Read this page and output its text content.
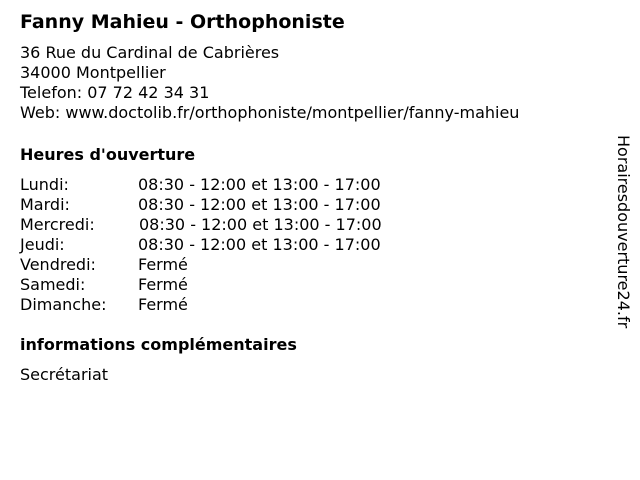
Fanny Mahieu - Orthophoniste
36 Rue du Cardinal de Cabrières
34000 Montpellier
Telefon: 07 72 42 34 31
Web: www.doctolib.fr/orthophoniste/montpellier/fanny-mahieu
Heures d'ouverture
Lundi:	08:30 - 12:00 et 13:00 - 17:00
Mardi:	08:30 - 12:00 et 13:00 - 17:00
Mercredi:	08:30 - 12:00 et 13:00 - 17:00
Jeudi:	08:30 - 12:00 et 13:00 - 17:00
Vendredi:	Fermé
Samedi:	Fermé
Dimanche: Fermé
informations complémentaires
Secrétariat
Horairesdouverture24.fr
